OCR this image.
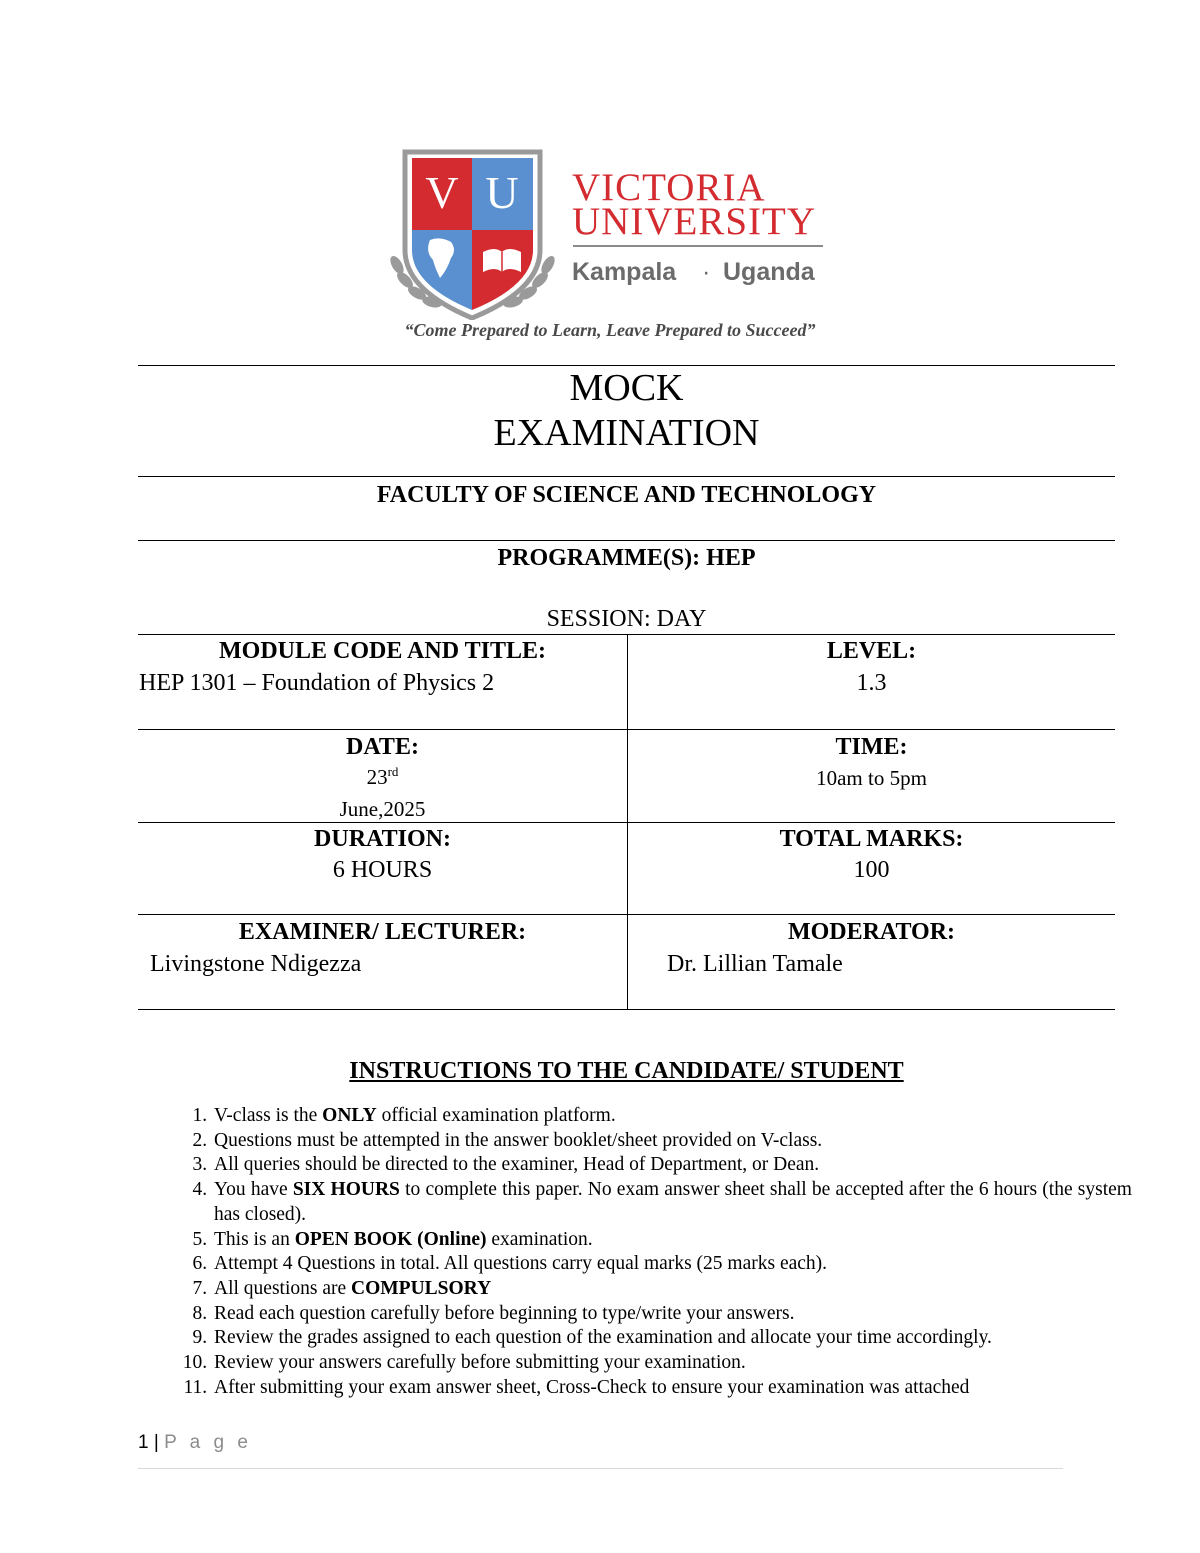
V U VICTORIA
UNIVERSITY
Kampala · Uganda
“Come Prepared to Learn, Leave Prepared to Succeed”
MOCK
EXAMINATION
FACULTY OF SCIENCE AND TECHNOLOGY
PROGRAMME(S): HEP
SESSION: DAY
MODULE CODE AND TITLE:
HEP 1301 – Foundation of Physics 2
LEVEL:
1.3
DATE:
23rd
June,2025
TIME:
10am to 5pm
DURATION:
6 HOURS
TOTAL MARKS:
100
EXAMINER/ LECTURER:
Livingstone Ndigezza
MODERATOR:
Dr. Lillian Tamale
INSTRUCTIONS TO THE CANDIDATE/ STUDENT
1. V-class is the ONLY official examination platform.
2. Questions must be attempted in the answer booklet/sheet provided on V-class.
3. All queries should be directed to the examiner, Head of Department, or Dean.
4. You have SIX HOURS to complete this paper. No exam answer sheet shall be accepted after the 6 hours (the system has closed).
5. This is an OPEN BOOK (Online) examination.
6. Attempt 4 Questions in total. All questions carry equal marks (25 marks each).
7. All questions are COMPULSORY
8. Read each question carefully before beginning to type/write your answers.
9. Review the grades assigned to each question of the examination and allocate your time accordingly.
10. Review your answers carefully before submitting your examination.
11. After submitting your exam answer sheet, Cross-Check to ensure your examination was attached
1 | P a g e
